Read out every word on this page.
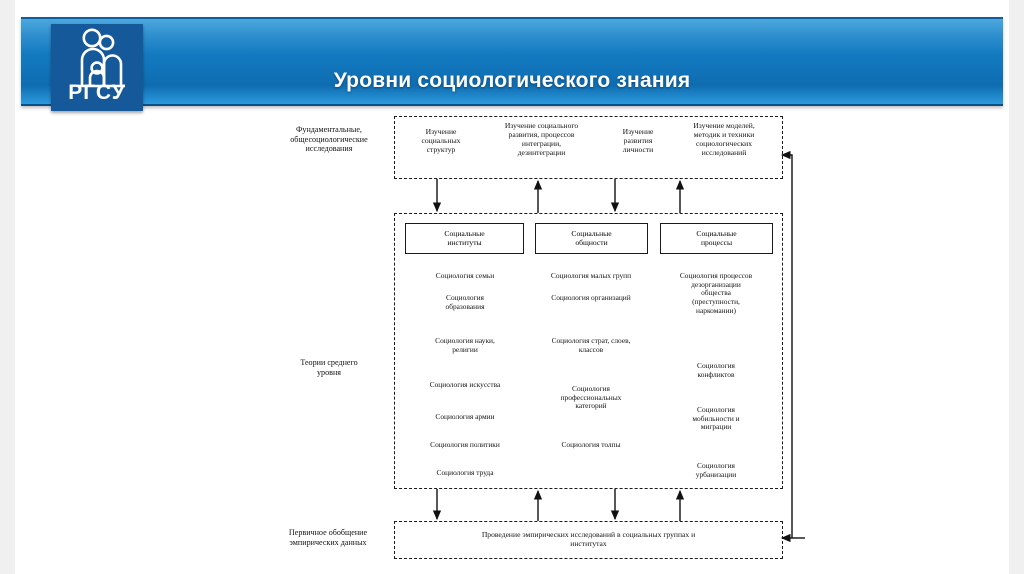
Уровни социологического знания
РГСУ
Фундаментальные,
общесоциологические
исследования
Теории среднего
уровня
Первичное обобщение
эмпирических данных
Изучение
социальных
структур
Изучение социального
развития, процессов
интеграции,
дезинтеграции
Изучение
развития
личности
Изучение моделей,
методик и техники
социологических
исследований
Социальные
институты
Социология семьи
Социология
образования
Социология науки,
религии
Социология искусства
Социология армии
Социология политики
Социология труда
Социальные
общности
Социология малых групп
Социология организаций
Социология страт, слоев,
классов
Социология
профессиональных
категорий
Социология толпы
Социальные
процессы
Социология процессов
дезорганизации
общества
(преступности,
наркомании)
Социология
конфликтов
Социология
мобильности и
миграции
Социология
урбанизации
Проведение эмпирических исследований в социальных группах и
институтах
